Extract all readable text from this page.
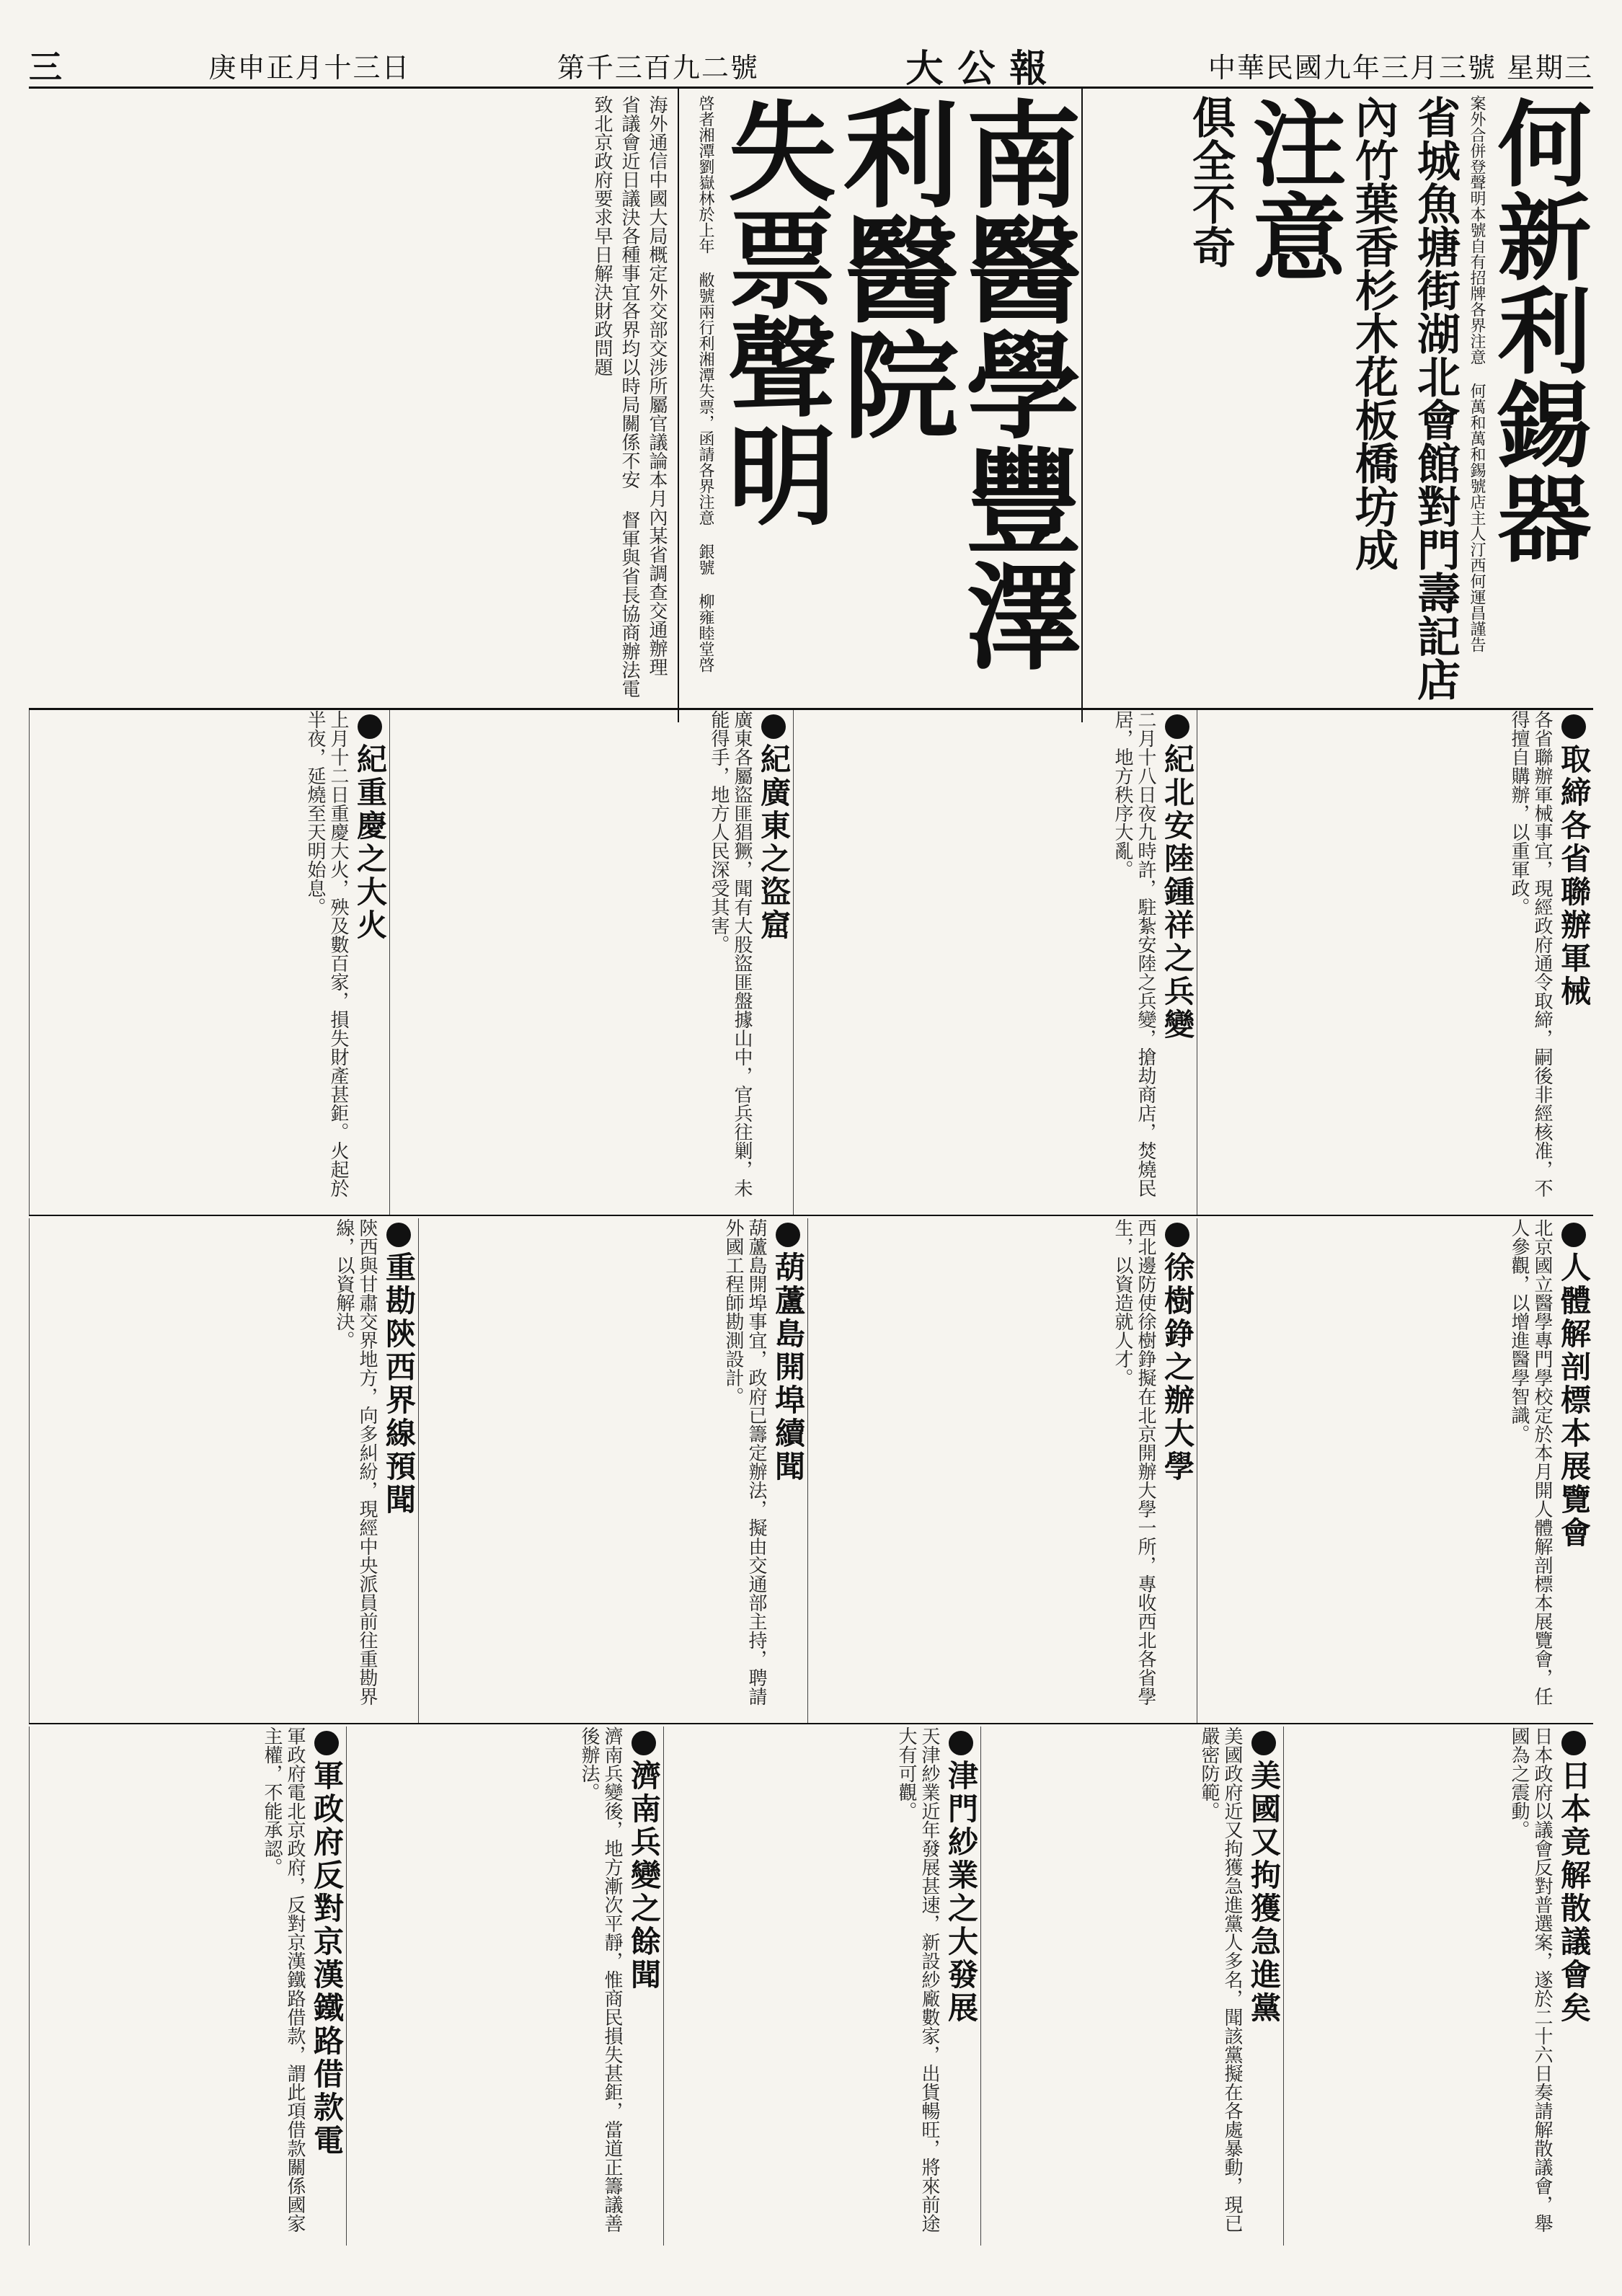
三	庚申正月十三日	第千三百九二號	大公報	中華民國九年三月三號 星期三
海外通信中國大局概定外交部交涉所屬官議論本月內某省調查交通辦理 省議會近日議決各種事宜各界均以時局關係不安 督軍與省長協商辦法電致北京政府要求早日解決財政問題	南醫學豐澤利醫院
失票聲明
啓者湘潭劉嶽林於上年 敝號兩行利湘潭失票，函請各界注意 銀號 柳雍睦堂啓	何新利錫器
案外合併登聲明本號自有招牌各界注意 何萬和萬和錫號店主人汀西何運昌謹告
省城魚塘街湖北會館對門壽記店內竹葉香杉木花板橋坊成
注意
俱全不奇
紀重慶之大火
上月十二日重慶大火，殃及數百家，損失財產甚鉅。火起於半夜，延燒至天明始息。	紀廣東之盜窟
廣東各屬盜匪猖獗，聞有大股盜匪盤據山中，官兵往剿，未能得手，地方人民深受其害。	紀北安陸鍾祥之兵變
二月十八日夜九時許，駐紮安陸之兵變，搶劫商店，焚燒民居，地方秩序大亂。	取締各省聯辦軍械
各省聯辦軍械事宜，現經政府通令取締，嗣後非經核准，不得擅自購辦，以重軍政。
重勘陝西界線預聞
陝西與甘肅交界地方，向多糾紛，現經中央派員前往重勘界線，以資解決。	葫蘆島開埠續聞
葫蘆島開埠事宜，政府已籌定辦法，擬由交通部主持，聘請外國工程師勘測設計。	徐樹錚之辦大學
西北邊防使徐樹錚擬在北京開辦大學一所，專收西北各省學生，以資造就人才。	人體解剖標本展覽會
北京國立醫學專門學校定於本月開人體解剖標本展覽會，任人參觀，以增進醫學智識。
軍政府反對京漢鐵路借款電
軍政府電北京政府，反對京漢鐵路借款，謂此項借款關係國家主權，不能承認。	濟南兵變之餘聞
濟南兵變後，地方漸次平靜，惟商民損失甚鉅，當道正籌議善後辦法。	津門紗業之大發展
天津紗業近年發展甚速，新設紗廠數家，出貨暢旺，將來前途大有可觀。	美國又拘獲急進黨
美國政府近又拘獲急進黨人多名，聞該黨擬在各處暴動，現已嚴密防範。	日本竟解散議會矣
日本政府以議會反對普選案，遂於二十六日奏請解散議會，舉國為之震動。
